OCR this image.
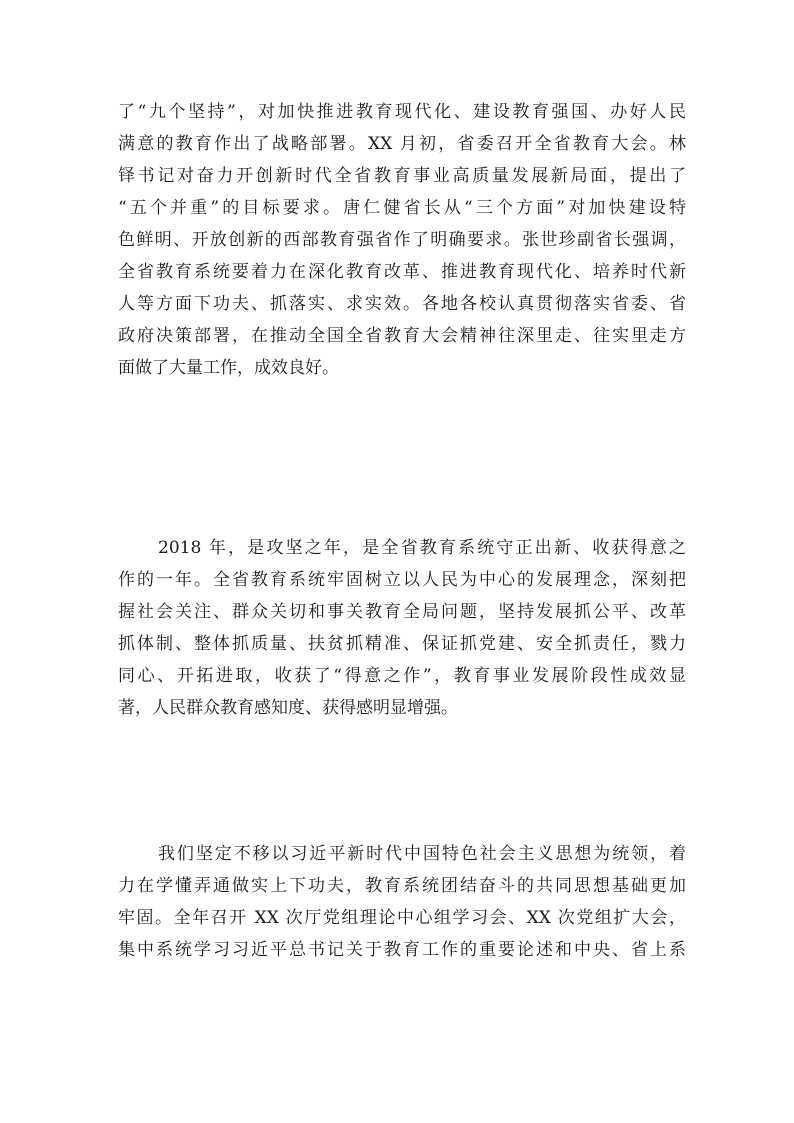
了“九个坚持”，对加快推进教育现代化、建设教育强国、办好人民
满意的教育作出了战略部署。XX 月初，省委召开全省教育大会。林
铎书记对奋力开创新时代全省教育事业高质量发展新局面，提出了
“五个并重”的目标要求。唐仁健省长从“三个方面”对加快建设特
色鲜明、开放创新的西部教育强省作了明确要求。张世珍副省长强调，
全省教育系统要着力在深化教育改革、推进教育现代化、培养时代新
人等方面下功夫、抓落实、求实效。各地各校认真贯彻落实省委、省
政府决策部署，在推动全国全省教育大会精神往深里走、往实里走方
面做了大量工作，成效良好。
2018 年，是攻坚之年，是全省教育系统守正出新、收获得意之
作的一年。全省教育系统牢固树立以人民为中心的发展理念，深刻把
握社会关注、群众关切和事关教育全局问题，坚持发展抓公平、改革
抓体制、整体抓质量、扶贫抓精准、保证抓党建、安全抓责任，戮力
同心、开拓进取，收获了“得意之作”，教育事业发展阶段性成效显
著，人民群众教育感知度、获得感明显增强。
我们坚定不移以习近平新时代中国特色社会主义思想为统领，着
力在学懂弄通做实上下功夫，教育系统团结奋斗的共同思想基础更加
牢固。全年召开 XX 次厅党组理论中心组学习会、XX 次党组扩大会，
集中系统学习习近平总书记关于教育工作的重要论述和中央、省上系
